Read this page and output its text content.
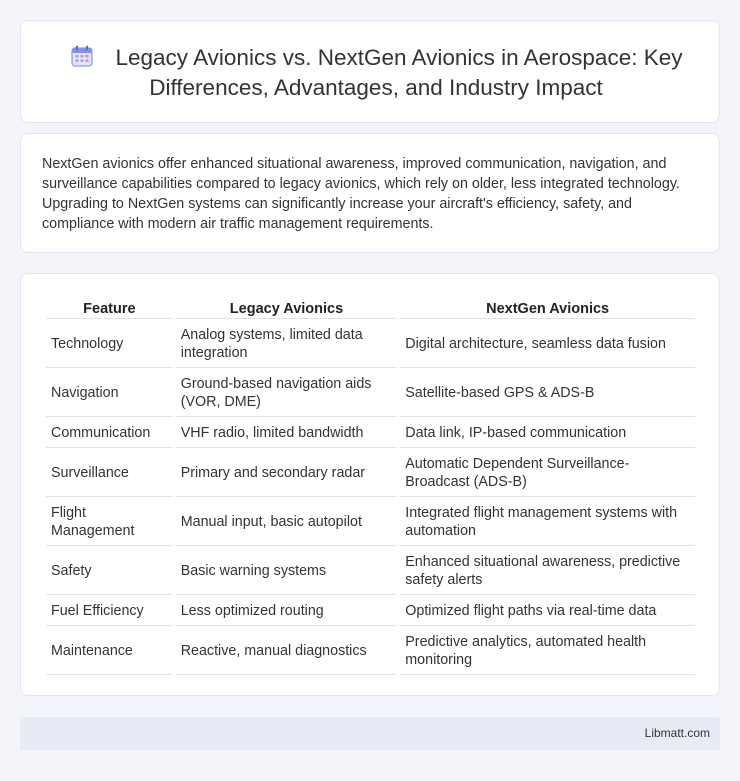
Legacy Avionics vs. NextGen Avionics in Aerospace: Key Differences, Advantages, and Industry Impact

NextGen avionics offer enhanced situational awareness, improved communication, navigation, and surveillance capabilities compared to legacy avionics, which rely on older, less integrated technology. Upgrading to NextGen systems can significantly increase your aircraft's efficiency, safety, and compliance with modern air traffic management requirements.

Feature	Legacy Avionics	NextGen Avionics
Technology	Analog systems, limited data integration	Digital architecture, seamless data fusion
Navigation	Ground-based navigation aids (VOR, DME)	Satellite-based GPS & ADS-B
Communication	VHF radio, limited bandwidth	Data link, IP-based communication
Surveillance	Primary and secondary radar	Automatic Dependent Surveillance-Broadcast (ADS-B)
Flight Management	Manual input, basic autopilot	Integrated flight management systems with automation
Safety	Basic warning systems	Enhanced situational awareness, predictive safety alerts
Fuel Efficiency	Less optimized routing	Optimized flight paths via real-time data
Maintenance	Reactive, manual diagnostics	Predictive analytics, automated health monitoring
Libmatt.com
